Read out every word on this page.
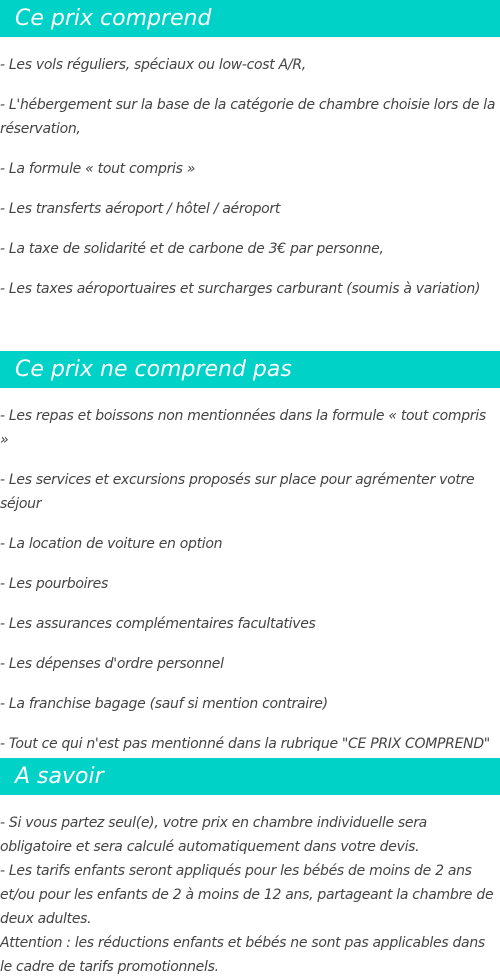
Ce prix comprend
- Les vols réguliers, spéciaux ou low-cost A/R,
- L'hébergement sur la base de la catégorie de chambre choisie lors de la réservation,
- La formule « tout compris »
- Les transferts aéroport / hôtel / aéroport
- La taxe de solidarité et de carbone de 3€ par personne,
- Les taxes aéroportuaires et surcharges carburant (soumis à variation)
Ce prix ne comprend pas
- Les repas et boissons non mentionnées dans la formule « tout compris »
- Les services et excursions proposés sur place pour agrémenter votre séjour
- La location de voiture en option
- Les pourboires
- Les assurances complémentaires facultatives
- Les dépenses d'ordre personnel
- La franchise bagage (sauf si mention contraire)
- Tout ce qui n'est pas mentionné dans la rubrique "CE PRIX COMPREND"
A savoir
- Si vous partez seul(e), votre prix en chambre individuelle sera obligatoire et sera calculé automatiquement dans votre devis.
- Les tarifs enfants seront appliqués pour les bébés de moins de 2 ans et/ou pour les enfants de 2 à moins de 12 ans, partageant la chambre de deux adultes.
Attention : les réductions enfants et bébés ne sont pas applicables dans le cadre de tarifs promotionnels.
